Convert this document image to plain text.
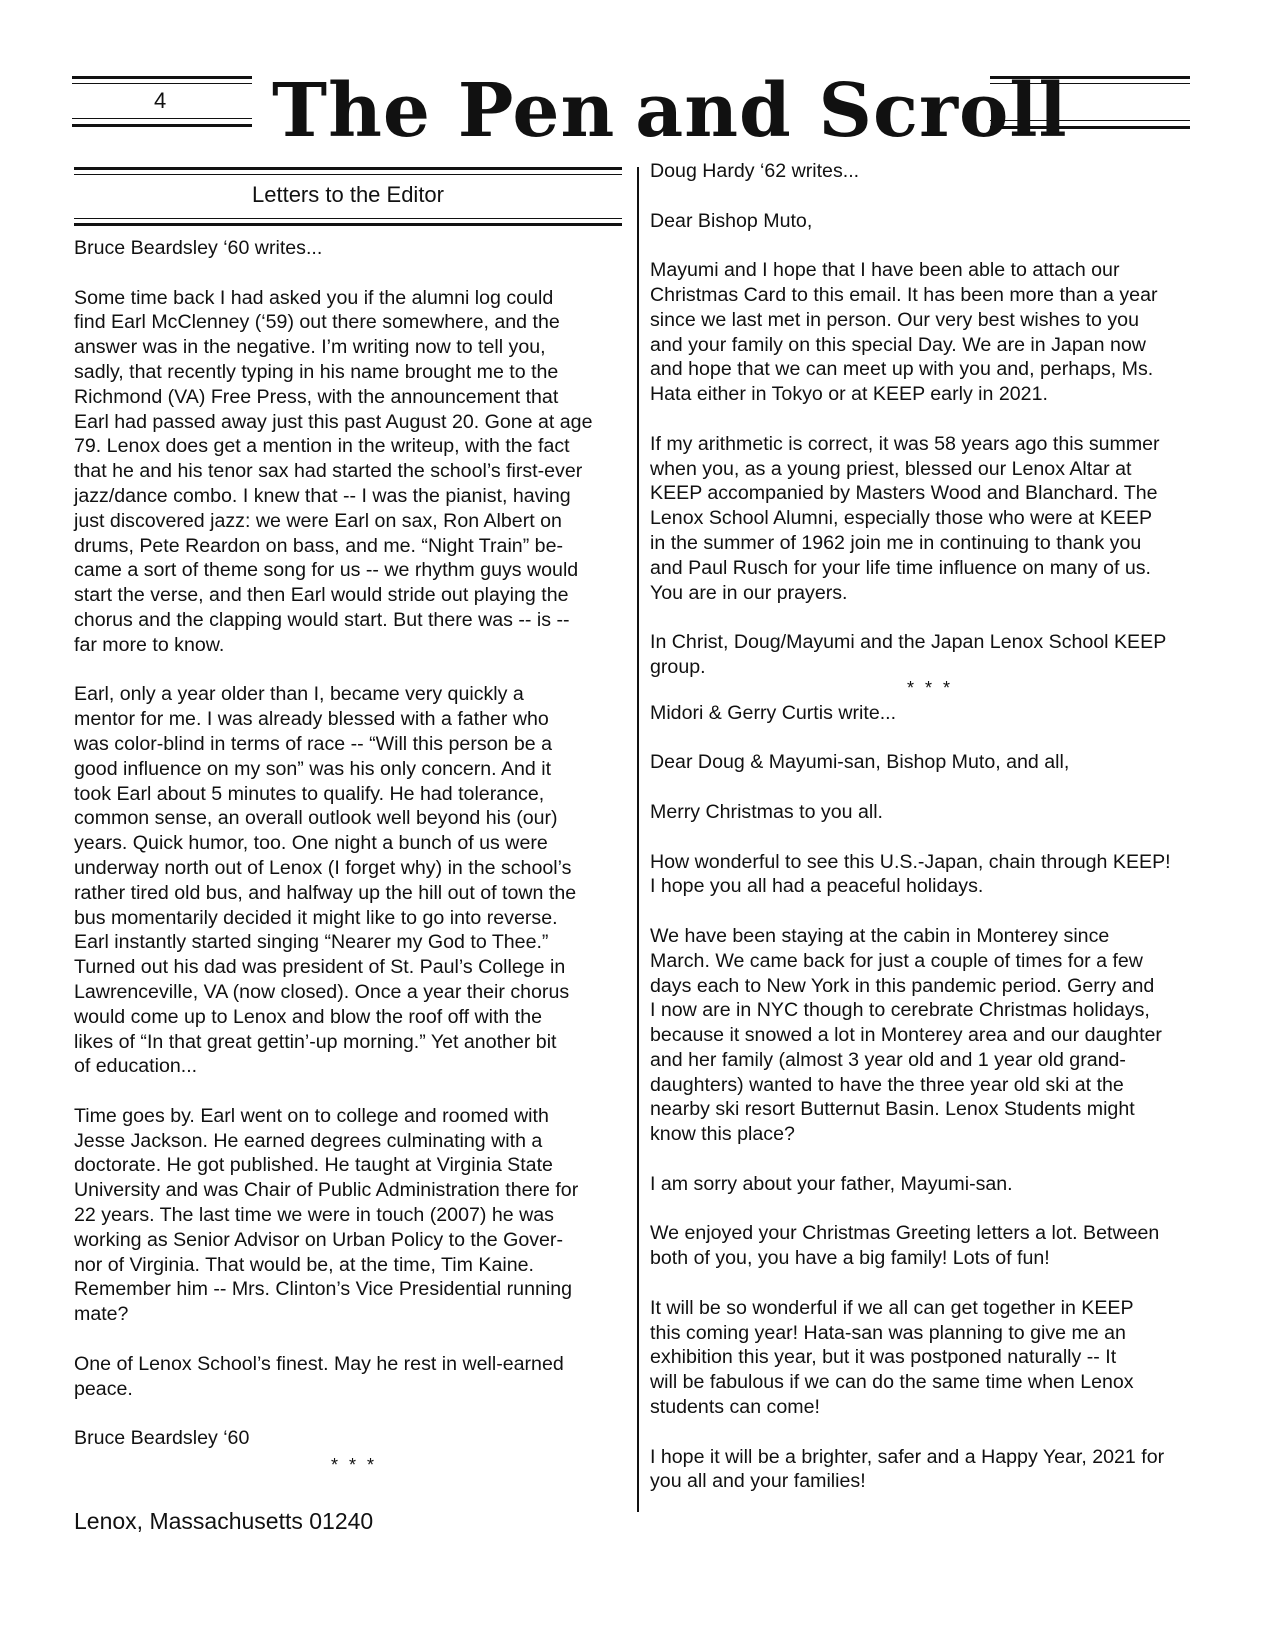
4 The Pen and Scroll
Letters to the Editor

Bruce Beardsley ‘60 writes...

Some time back I had asked you if the alumni log could
find Earl McClenney (‘59) out there somewhere, and the
answer was in the negative. I’m writing now to tell you,
sadly, that recently typing in his name brought me to the
Richmond (VA) Free Press, with the announcement that
Earl had passed away just this past August 20. Gone at age
79. Lenox does get a mention in the writeup, with the fact
that he and his tenor sax had started the school’s first-ever
jazz/dance combo. I knew that -- I was the pianist, having
just discovered jazz: we were Earl on sax, Ron Albert on
drums, Pete Reardon on bass, and me. “Night Train” be-
came a sort of theme song for us -- we rhythm guys would
start the verse, and then Earl would stride out playing the
chorus and the clapping would start. But there was -- is --
far more to know.
Earl, only a year older than I, became very quickly a
mentor for me. I was already blessed with a father who
was color-blind in terms of race -- “Will this person be a
good influence on my son” was his only concern. And it
took Earl about 5 minutes to qualify. He had tolerance,
common sense, an overall outlook well beyond his (our)
years. Quick humor, too. One night a bunch of us were
underway north out of Lenox (I forget why) in the school’s
rather tired old bus, and halfway up the hill out of town the
bus momentarily decided it might like to go into reverse.
Earl instantly started singing “Nearer my God to Thee.”
Turned out his dad was president of St. Paul’s College in
Lawrenceville, VA (now closed). Once a year their chorus
would come up to Lenox and blow the roof off with the
likes of “In that great gettin’-up morning.” Yet another bit
of education...
Time goes by. Earl went on to college and roomed with
Jesse Jackson. He earned degrees culminating with a
doctorate. He got published. He taught at Virginia State
University and was Chair of Public Administration there for
22 years. The last time we were in touch (2007) he was
working as Senior Advisor on Urban Policy to the Gover-
nor of Virginia. That would be, at the time, Tim Kaine.
Remember him -- Mrs. Clinton’s Vice Presidential running
mate?
One of Lenox School’s finest. May he rest in well-earned
peace.

Bruce Beardsley ‘60

* * *

Doug Hardy ‘62 writes...

Dear Bishop Muto,

Mayumi and I hope that I have been able to attach our
Christmas Card to this email. It has been more than a year
since we last met in person. Our very best wishes to you
and your family on this special Day. We are in Japan now
and hope that we can meet up with you and, perhaps, Ms.
Hata either in Tokyo or at KEEP early in 2021.
If my arithmetic is correct, it was 58 years ago this summer
when you, as a young priest, blessed our Lenox Altar at
KEEP accompanied by Masters Wood and Blanchard. The
Lenox School Alumni, especially those who were at KEEP
in the summer of 1962 join me in continuing to thank you
and Paul Rusch for your life time influence on many of us.
You are in our prayers.
In Christ, Doug/Mayumi and the Japan Lenox School KEEP
group.
* * *

Midori & Gerry Curtis write...

Dear Doug & Mayumi-san, Bishop Muto, and all,

Merry Christmas to you all.

How wonderful to see this U.S.-Japan, chain through KEEP!
I hope you all had a peaceful holidays.
We have been staying at the cabin in Monterey since
March. We came back for just a couple of times for a few
days each to New York in this pandemic period. Gerry and
I now are in NYC though to cerebrate Christmas holidays,
because it snowed a lot in Monterey area and our daughter
and her family (almost 3 year old and 1 year old grand-
daughters) wanted to have the three year old ski at the
nearby ski resort Butternut Basin. Lenox Students might
know this place?

I am sorry about your father, Mayumi-san.

We enjoyed your Christmas Greeting letters a lot. Between
both of you, you have a big family! Lots of fun!
It will be so wonderful if we all can get together in KEEP
this coming year! Hata-san was planning to give me an
exhibition this year, but it was postponed naturally -- It
will be fabulous if we can do the same time when Lenox
students can come!
I hope it will be a brighter, safer and a Happy Year, 2021 for
you all and your families!
Lenox, Massachusetts 01240
